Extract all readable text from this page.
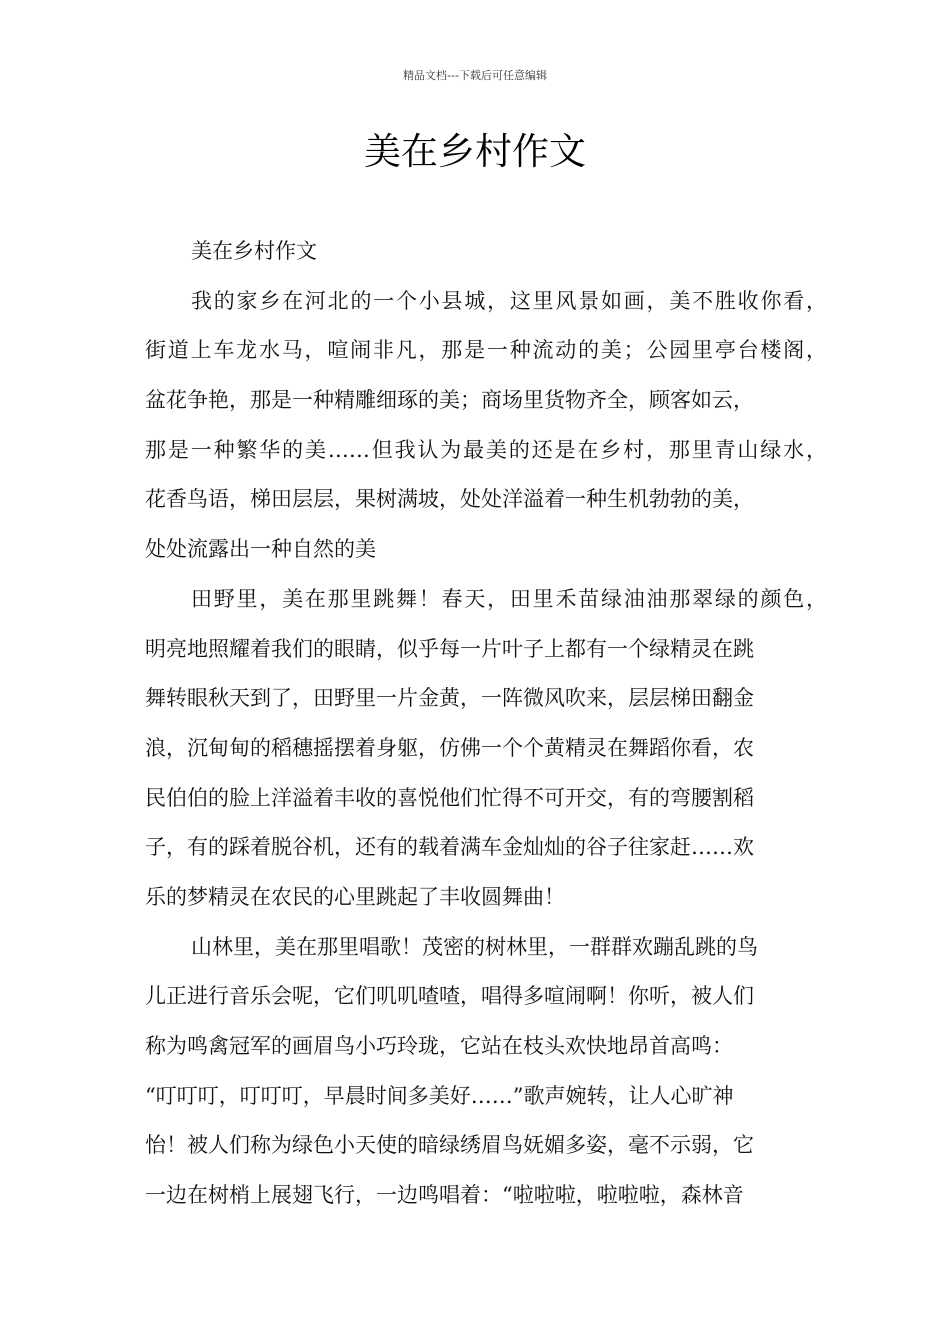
精品文档---下载后可任意编辑
美在乡村作文
美在乡村作文
我的家乡在河北的一个小县城，这里风景如画，美不胜收你看，
街道上车龙水马，喧闹非凡，那是一种流动的美；公园里亭台楼阁，
盆花争艳，那是一种精雕细琢的美；商场里货物齐全，顾客如云，
那是一种繁华的美……但我认为最美的还是在乡村，那里青山绿水，
花香鸟语，梯田层层，果树满坡，处处洋溢着一种生机勃勃的美，
处处流露出一种自然的美
田野里，美在那里跳舞！春天，田里禾苗绿油油那翠绿的颜色，
明亮地照耀着我们的眼睛，似乎每一片叶子上都有一个绿精灵在跳
舞转眼秋天到了，田野里一片金黄，一阵微风吹来，层层梯田翻金
浪，沉甸甸的稻穗摇摆着身躯，仿佛一个个黄精灵在舞蹈你看，农
民伯伯的脸上洋溢着丰收的喜悦他们忙得不可开交，有的弯腰割稻
子，有的踩着脱谷机，还有的载着满车金灿灿的谷子往家赶……欢
乐的梦精灵在农民的心里跳起了丰收圆舞曲！
山林里，美在那里唱歌！茂密的树林里，一群群欢蹦乱跳的鸟
儿正进行音乐会呢，它们叽叽喳喳，唱得多喧闹啊！你听，被人们
称为鸣禽冠军的画眉鸟小巧玲珑，它站在枝头欢快地昂首高鸣：
“叮叮叮，叮叮叮，早晨时间多美好……”歌声婉转，让人心旷神
怡！被人们称为绿色小天使的暗绿绣眉鸟妩媚多姿，毫不示弱，它
一边在树梢上展翅飞行，一边鸣唱着：“啦啦啦，啦啦啦，森林音
